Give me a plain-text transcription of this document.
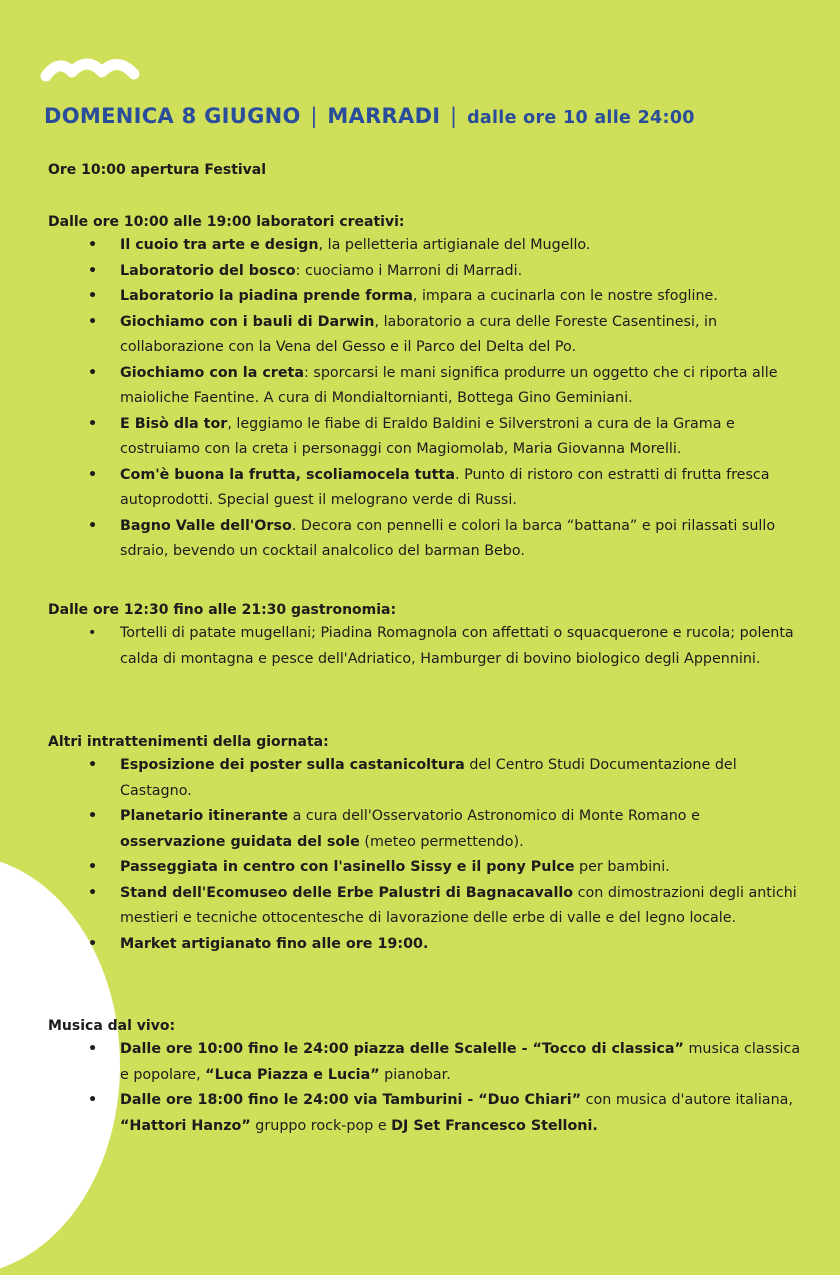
DOMENICA 8 GIUGNO | MARRADI | dalle ore 10 alle 24:00
Ore 10:00 apertura Festival
Dalle ore 10:00 alle 19:00 laboratori creativi:
• Il cuoio tra arte e design, la pelletteria artigianale del Mugello.
• Laboratorio del bosco: cuociamo i Marroni di Marradi.
• Laboratorio la piadina prende forma, impara a cucinarla con le nostre sfogline.
• Giochiamo con i bauli di Darwin, laboratorio a cura delle Foreste Casentinesi, in collaborazione con la Vena del Gesso e il Parco del Delta del Po.
• Giochiamo con la creta: sporcarsi le mani significa produrre un oggetto che ci riporta alle maioliche Faentine. A cura di Mondialtornianti, Bottega Gino Geminiani.
• E Bisò dla tor, leggiamo le fiabe di Eraldo Baldini e Silverstroni a cura de la Grama e costruiamo con la creta i personaggi con Magiomolab, Maria Giovanna Morelli.
• Com'è buona la frutta, scoliamocela tutta. Punto di ristoro con estratti di frutta fresca autoprodotti. Special guest il melograno verde di Russi.
• Bagno Valle dell'Orso. Decora con pennelli e colori la barca “battana” e poi rilassati sullo sdraio, bevendo un cocktail analcolico del barman Bebo.
Dalle ore 12:30 fino alle 21:30 gastronomia:
• Tortelli di patate mugellani; Piadina Romagnola con affettati o squacquerone e rucola; polenta calda di montagna e pesce dell'Adriatico, Hamburger di bovino biologico degli Appennini.
Altri intrattenimenti della giornata:
• Esposizione dei poster sulla castanicoltura del Centro Studi Documentazione del Castagno.
• Planetario itinerante a cura dell'Osservatorio Astronomico di Monte Romano e osservazione guidata del sole (meteo permettendo).
• Passeggiata in centro con l'asinello Sissy e il pony Pulce per bambini.
• Stand dell'Ecomuseo delle Erbe Palustri di Bagnacavallo con dimostrazioni degli antichi mestieri e tecniche ottocentesche di lavorazione delle erbe di valle e del legno locale.
• Market artigianato fino alle ore 19:00.
Musica dal vivo:
• Dalle ore 10:00 fino le 24:00 piazza delle Scalelle - “Tocco di classica” musica classica e popolare, “Luca Piazza e Lucia” pianobar.
• Dalle ore 18:00 fino le 24:00 via Tamburini - “Duo Chiari” con musica d'autore italiana, “Hattori Hanzo” gruppo rock-pop e DJ Set Francesco Stelloni.
